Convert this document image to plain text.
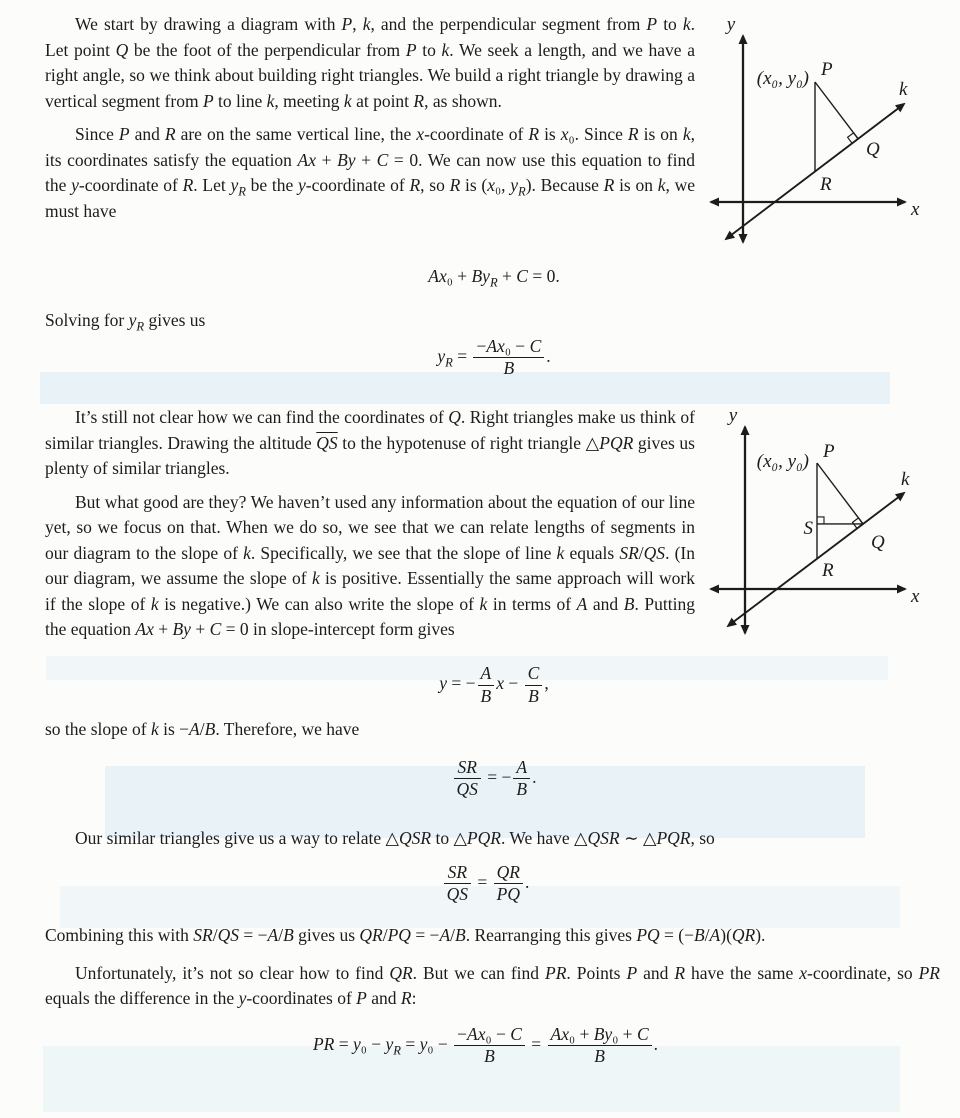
y
x
k
P
(x₀, y₀)
Q
R

We start by drawing a diagram with P, k, and the perpendicular segment from P to k. Let point Q be the foot of the perpendicular from P to k. We seek a length, and we have a right angle, so we think about building right triangles. We build a right triangle by drawing a vertical segment from P to line k, meeting k at point R, as shown.

Since P and R are on the same vertical line, the x-coordinate of R is x₀. Since R is on k, its coordinates satisfy the equation Ax + By + C = 0. We can now use this equation to find the y-coordinate of R. Let $y_R$ be the y-coordinate of R, so R is (x₀, $y_R$). Because R is on k, we must have

$Ax_0 + By_R + C = 0$.

Solving for $y_R$ gives us

$y_R = \frac{\text{−Ax₀ − C}}{B}$ .
y
x
k
P
(x₀, y₀)
S
Q
R

It’s still not clear how we can find the coordinates of Q. Right triangles make us think of similar triangles. Drawing the altitude $\overline{QS}$ to the hypotenuse of right triangle △PQR gives us plenty of similar triangles.

But what good are they? We haven’t used any information about the equation of our line yet, so we focus on that. When we do so, we see that we can relate lengths of segments in our diagram to the slope of k. Specifically, we see that the slope of line k equals SR/QS. (In our diagram, we assume the slope of k is positive. Essentially the same approach will work if the slope of k is negative.) We can also write the slope of k in terms of A and B. Putting the equation Ax + By + C = 0 in slope-intercept form gives

y = − $\frac{A}{B}$ $x - \frac{C}{B}$ ,

so the slope of k is −A/B. Therefore, we have

$\frac{SR}{QS}$ = − $\frac{A}{B}$ .

Our similar triangles give us a way to relate △QSR to △PQR. We have △QSR ∼ △PQR, so

$\frac{SR}{QS} = \frac{QR}{PQ}$ .

Combining this with SR/QS = −A/B gives us QR/PQ = −A/B. Rearranging this gives PQ = (−B/A)(QR).

Unfortunately, it’s not so clear how to find QR. But we can find PR. Points P and R have the same x-coordinate, so PR equals the difference in the y-coordinates of P and R:

PR = $y_0 - y_R = y_0 - \frac{\text{−Ax₀ − C}}{B} = \frac{\text{Ax₀ + By₀ + C}}{B}$ .
